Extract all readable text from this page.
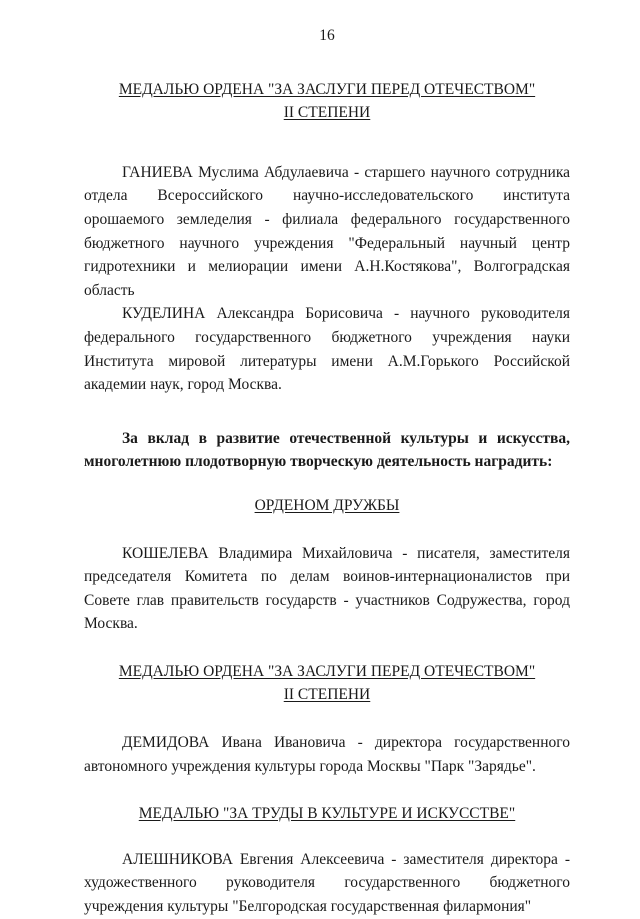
16
МЕДАЛЬЮ ОРДЕНА "ЗА ЗАСЛУГИ ПЕРЕД ОТЕЧЕСТВОМ"
II СТЕПЕНИ

ГАНИЕВА Муслима Абдулаевича - старшего научного сотрудника отдела Всероссийского научно-исследовательского института орошаемого земледелия - филиала федерального государственного бюджетного научного учреждения "Федеральный научный центр гидротехники и мелиорации имени А.Н.Костякова", Волгоградская область

КУДЕЛИНА Александра Борисовича - научного руководителя федерального государственного бюджетного учреждения науки Института мировой литературы имени А.М.Горького Российской академии наук, город Москва.

За вклад в развитие отечественной культуры и искусства, многолетнюю плодотворную творческую деятельность наградить:

ОРДЕНОМ ДРУЖБЫ

КОШЕЛЕВА Владимира Михайловича - писателя, заместителя председателя Комитета по делам воинов-интернационалистов при Совете глав правительств государств - участников Содружества, город Москва.

МЕДАЛЬЮ ОРДЕНА "ЗА ЗАСЛУГИ ПЕРЕД ОТЕЧЕСТВОМ"
II СТЕПЕНИ

ДЕМИДОВА Ивана Ивановича - директора государственного автономного учреждения культуры города Москвы "Парк "Зарядье".

МЕДАЛЬЮ "ЗА ТРУДЫ В КУЛЬТУРЕ И ИСКУССТВЕ"

АЛЕШНИКОВА Евгения Алексеевича - заместителя директора - художественного руководителя государственного бюджетного учреждения культуры "Белгородская государственная филармония"
